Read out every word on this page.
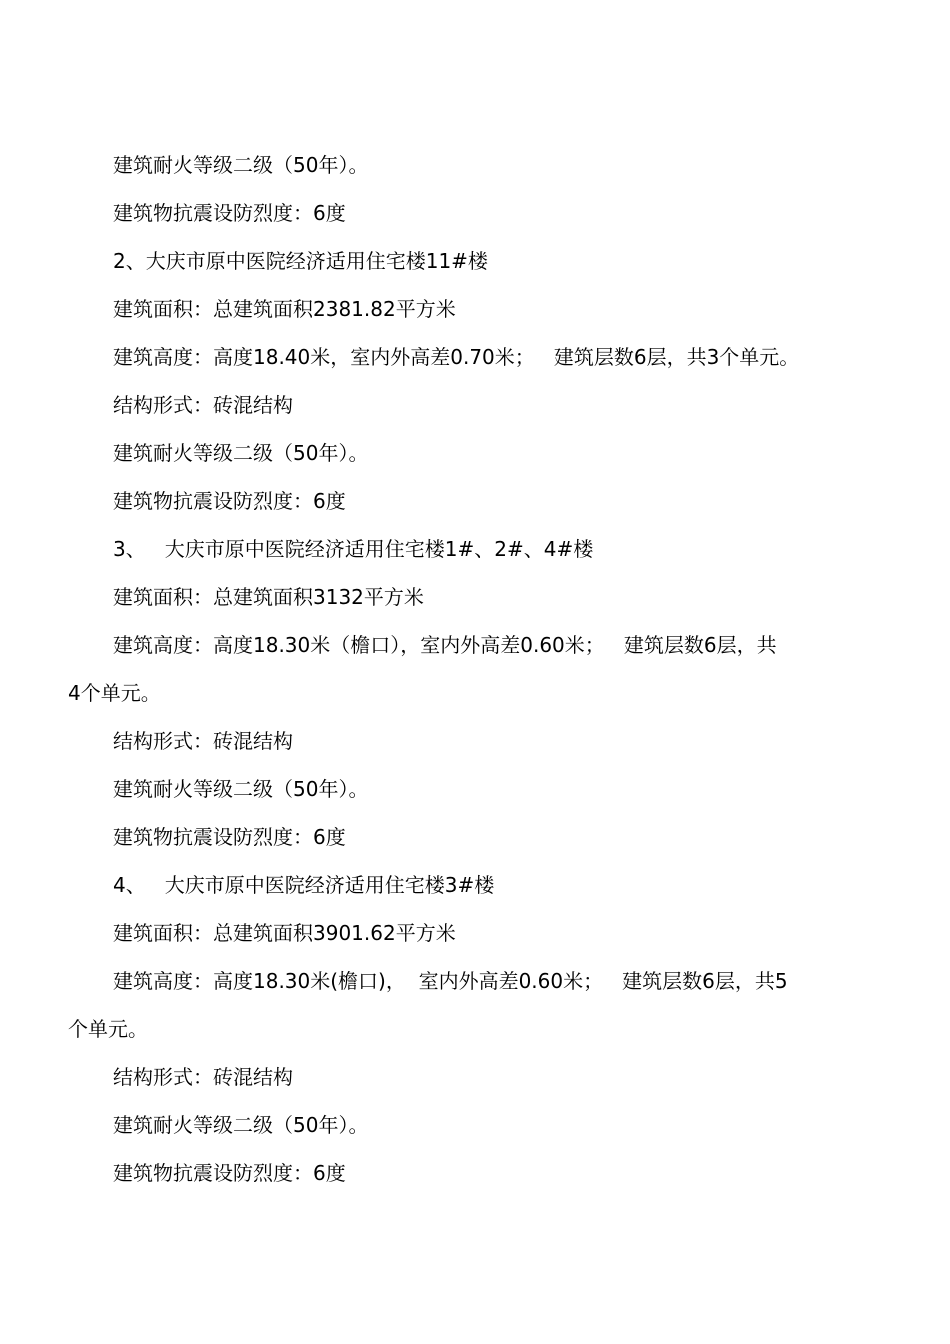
建筑耐火等级二级（50年）。
建筑物抗震设防烈度：6度
2、大庆市原中医院经济适用住宅楼11#楼
建筑面积：总建筑面积2381.82平方米
建筑高度：高度18.40米，室内外高差0.70米；   建筑层数6层，共3个单元。
结构形式：砖混结构
建筑耐火等级二级（50年）。
建筑物抗震设防烈度：6度
3、   大庆市原中医院经济适用住宅楼1#、2#、4#楼
建筑面积：总建筑面积3132平方米
建筑高度：高度18.30米（檐口），室内外高差0.60米；   建筑层数6层，共
4个单元。
结构形式：砖混结构
建筑耐火等级二级（50年）。
建筑物抗震设防烈度：6度
4、   大庆市原中医院经济适用住宅楼3#楼
建筑面积：总建筑面积3901.62平方米
建筑高度：高度18.30米(檐口)，  室内外高差0.60米；   建筑层数6层，共5
个单元。
结构形式：砖混结构
建筑耐火等级二级（50年）。
建筑物抗震设防烈度：6度
